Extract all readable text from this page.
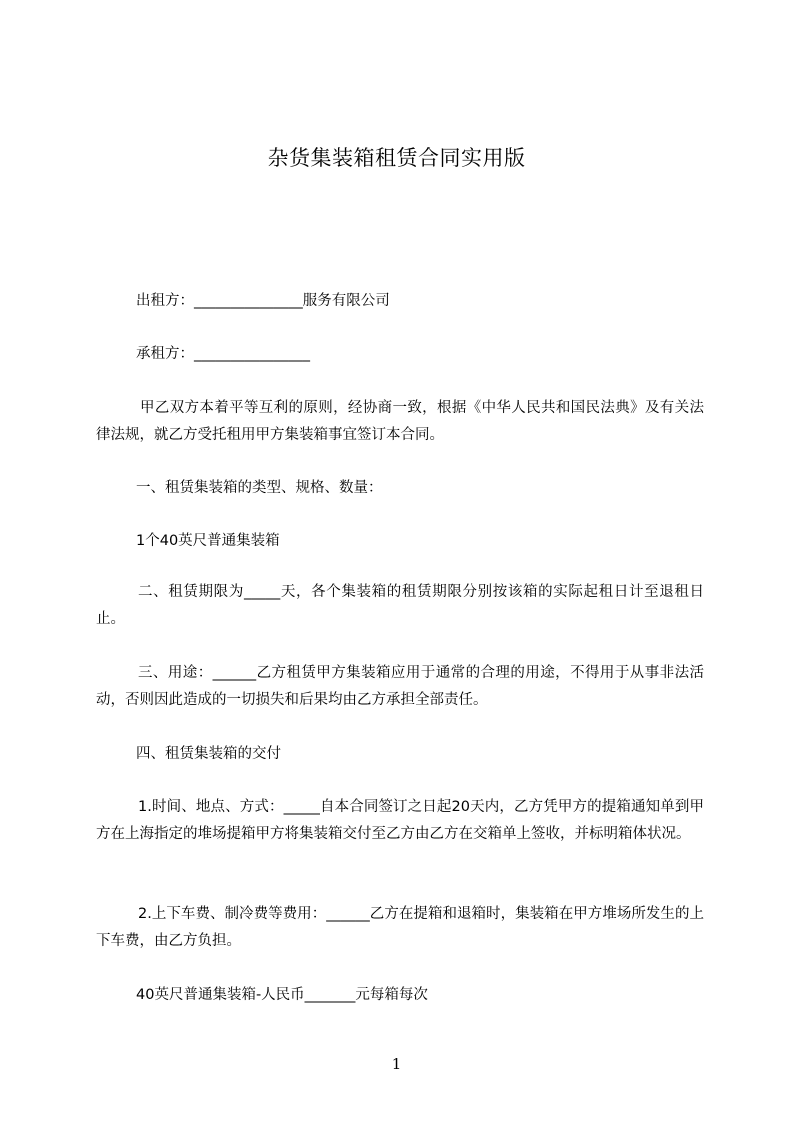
杂货集装箱租赁合同实用版
出租方：_______________服务有限公司
承租方：________________
甲乙双方本着平等互利的原则，经协商一致，根据《中华人民共和国民法典》及有关法律法规，就乙方受托租用甲方集装箱事宜签订本合同。
一、租赁集装箱的类型、规格、数量：
1个40英尺普通集装箱
二、租赁期限为_____天，各个集装箱的租赁期限分别按该箱的实际起租日计至退租日止。
三、用途：______乙方租赁甲方集装箱应用于通常的合理的用途，不得用于从事非法活动，否则因此造成的一切损失和后果均由乙方承担全部责任。
四、租赁集装箱的交付
1.时间、地点、方式：_____自本合同签订之日起20天内，乙方凭甲方的提箱通知单到甲方在上海指定的堆场提箱甲方将集装箱交付至乙方由乙方在交箱单上签收，并标明箱体状况。
2.上下车费、制冷费等费用：______乙方在提箱和退箱时，集装箱在甲方堆场所发生的上下车费，由乙方负担。
40英尺普通集装箱-人民币_______元每箱每次
1
